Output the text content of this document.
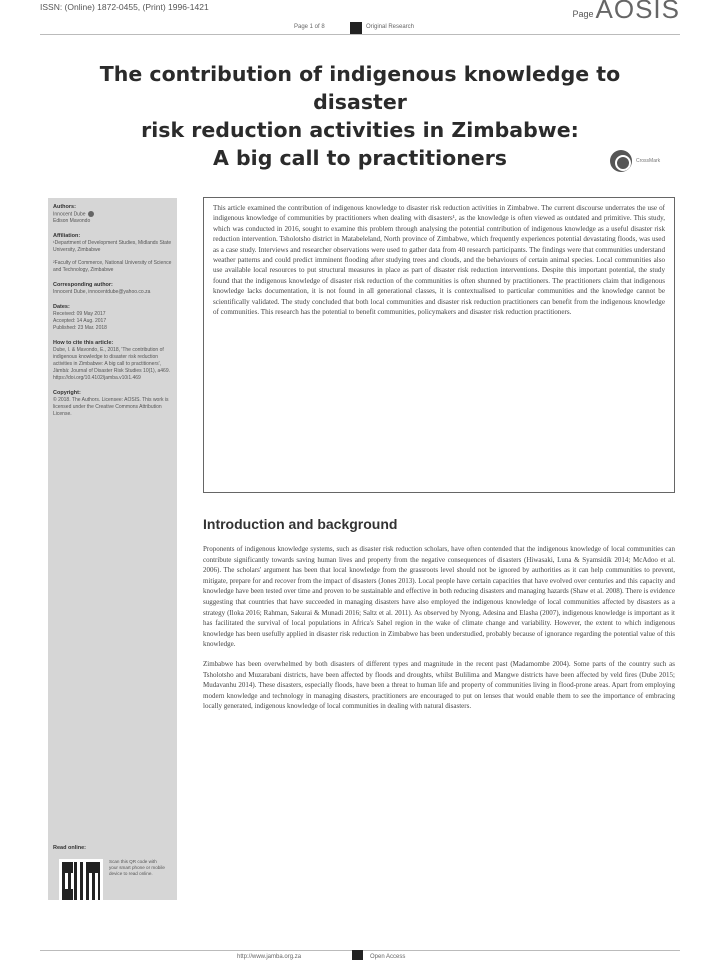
ISSN: (Online) 1872-0455, (Print) 1996-1421
PageAOSIS
Page 1 of 8	Original Research
The contribution of indigenous knowledge to disaster
risk reduction activities in Zimbabwe:
A big call to practitioners	CrossMark
Authors:
Innocent Dube
Edison Mavondo
Affiliation:
¹Department of Development Studies, Midlands State University, Zimbabwe
²Faculty of Commerce, National University of Science and Technology, Zimbabwe
Corresponding author:
Innocent Dube, innocentdube@yahoo.co.za
Dates:
Received: 09 May 2017
Accepted: 14 Aug. 2017
Published: 23 Mar. 2018
How to cite this article:
Dube, I. & Mavondo, E., 2018, 'The contribution of indigenous knowledge to disaster risk reduction activities in Zimbabwe: A big call to practitioners', Jàmbá: Journal of Disaster Risk Studies 10(1), a469. https://doi.org/10.4102/jamba.v10i1.469
Copyright:
© 2018. The Authors. Licensee: AOSIS. This work is licensed under the Creative Commons Attribution License.
Read online:
Scan this QR code with your smart phone or mobile device to read online.

This article examined the contribution of indigenous knowledge to disaster risk reduction activities in Zimbabwe. The current discourse underrates the use of indigenous knowledge of communities by practitioners when dealing with disasters¹, as the knowledge is often viewed as outdated and primitive. This study, which was conducted in 2016, sought to examine this problem through analysing the potential contribution of indigenous knowledge as a useful disaster risk reduction intervention. Tsholotsho district in Matabeleland, North province of Zimbabwe, which frequently experiences potential devastating floods, was used as a case study. Interviews and researcher observations were used to gather data from 40 research participants. The findings were that communities understand weather patterns and could predict imminent flooding after studying trees and clouds, and the behaviours of certain animal species. Local communities also use available local resources to put structural measures in place as part of disaster risk reduction interventions. Despite this important potential, the study found that the indigenous knowledge of disaster risk reduction of the communities is often shunned by practitioners. The practitioners claim that indigenous knowledge lacks documentation, it is not found in all generational classes, it is contextualised to particular communities and the knowledge cannot be scientifically validated. The study concluded that both local communities and disaster risk reduction practitioners can benefit from the indigenous knowledge of communities. This research has the potential to benefit communities, policymakers and disaster risk reduction practitioners.

Introduction and background

Proponents of indigenous knowledge systems, such as disaster risk reduction scholars, have often contended that the indigenous knowledge of local communities can contribute significantly towards saving human lives and property from the negative consequences of disasters (Hiwasaki, Luna & Syamsidik 2014; McAdoo et al. 2006). The scholars' argument has been that local knowledge from the grassroots level should not be ignored by authorities as it can help communities to prevent, mitigate, prepare for and recover from the impact of disasters (Jones 2013). Local people have certain capacities that have evolved over centuries and this capacity and knowledge have been tested over time and proven to be sustainable and effective in both reducing disasters and managing hazards (Shaw et al. 2008). There is evidence suggesting that countries that have succeeded in managing disasters have also employed the indigenous knowledge of local communities affected by disasters as a strategy (Iloka 2016; Rahman, Sakurai & Munadi 2016; Saltz et al. 2011). As observed by Nyong, Adesina and Elasha (2007), indigenous knowledge is important as it has facilitated the survival of local populations in Africa's Sahel region in the wake of climate change and variability. However, the extent to which indigenous knowledge has been usefully applied in disaster risk reduction in Zimbabwe has been understudied, probably because of ignorance regarding the potential value of this knowledge.

Zimbabwe has been overwhelmed by both disasters of different types and magnitude in the recent past (Madamombe 2004). Some parts of the country such as Tsholotsho and Muzarabani districts, have been affected by floods and droughts, whilst Bulilima and Mangwe districts have been affected by veld fires (Dube 2015; Mudavanhu 2014). These disasters, especially floods, have been a threat to human life and property of communities living in flood-prone areas. Apart from employing modern knowledge and technology in managing disasters, practitioners are encouraged to put on lenses that would enable them to see the importance of embracing locally generated, indigenous knowledge of local communities in dealing with natural disasters.

http://www.jamba.org.za	Open Access
